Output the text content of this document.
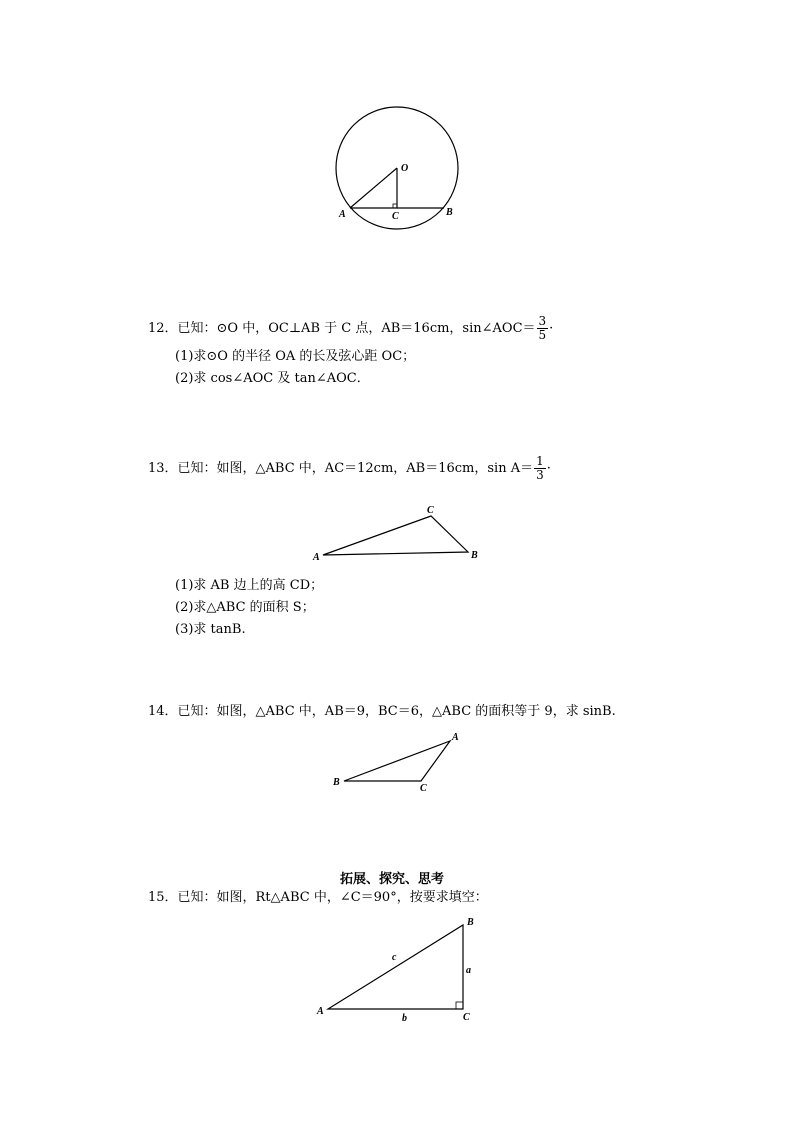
O
A	C	B
12．已知：⊙O 中，OC⊥AB 于 C 点，AB＝16cm，sin∠AOC＝ $\frac{3}{5}$ ·
(1)求⊙O 的半径 OA 的长及弦心距 OC；
(2)求 cos∠AOC 及 tan∠AOC．
13．已知：如图，△ABC 中，AC＝12cm，AB＝16cm，$\sin A= \frac{1}{3}$ ·
A	B
C
(1)求 AB 边上的高 CD；
(2)求△ABC 的面积 S；
(3)求 tanB.
14．已知：如图，△ABC 中，AB＝9，BC＝6，△ABC 的面积等于 9，求 sinB.
A
B
C
拓展、探究、思考
15．已知：如图，Rt△ABC 中，∠C＝90°，按要求填空：
A
B
C
a
b
c
